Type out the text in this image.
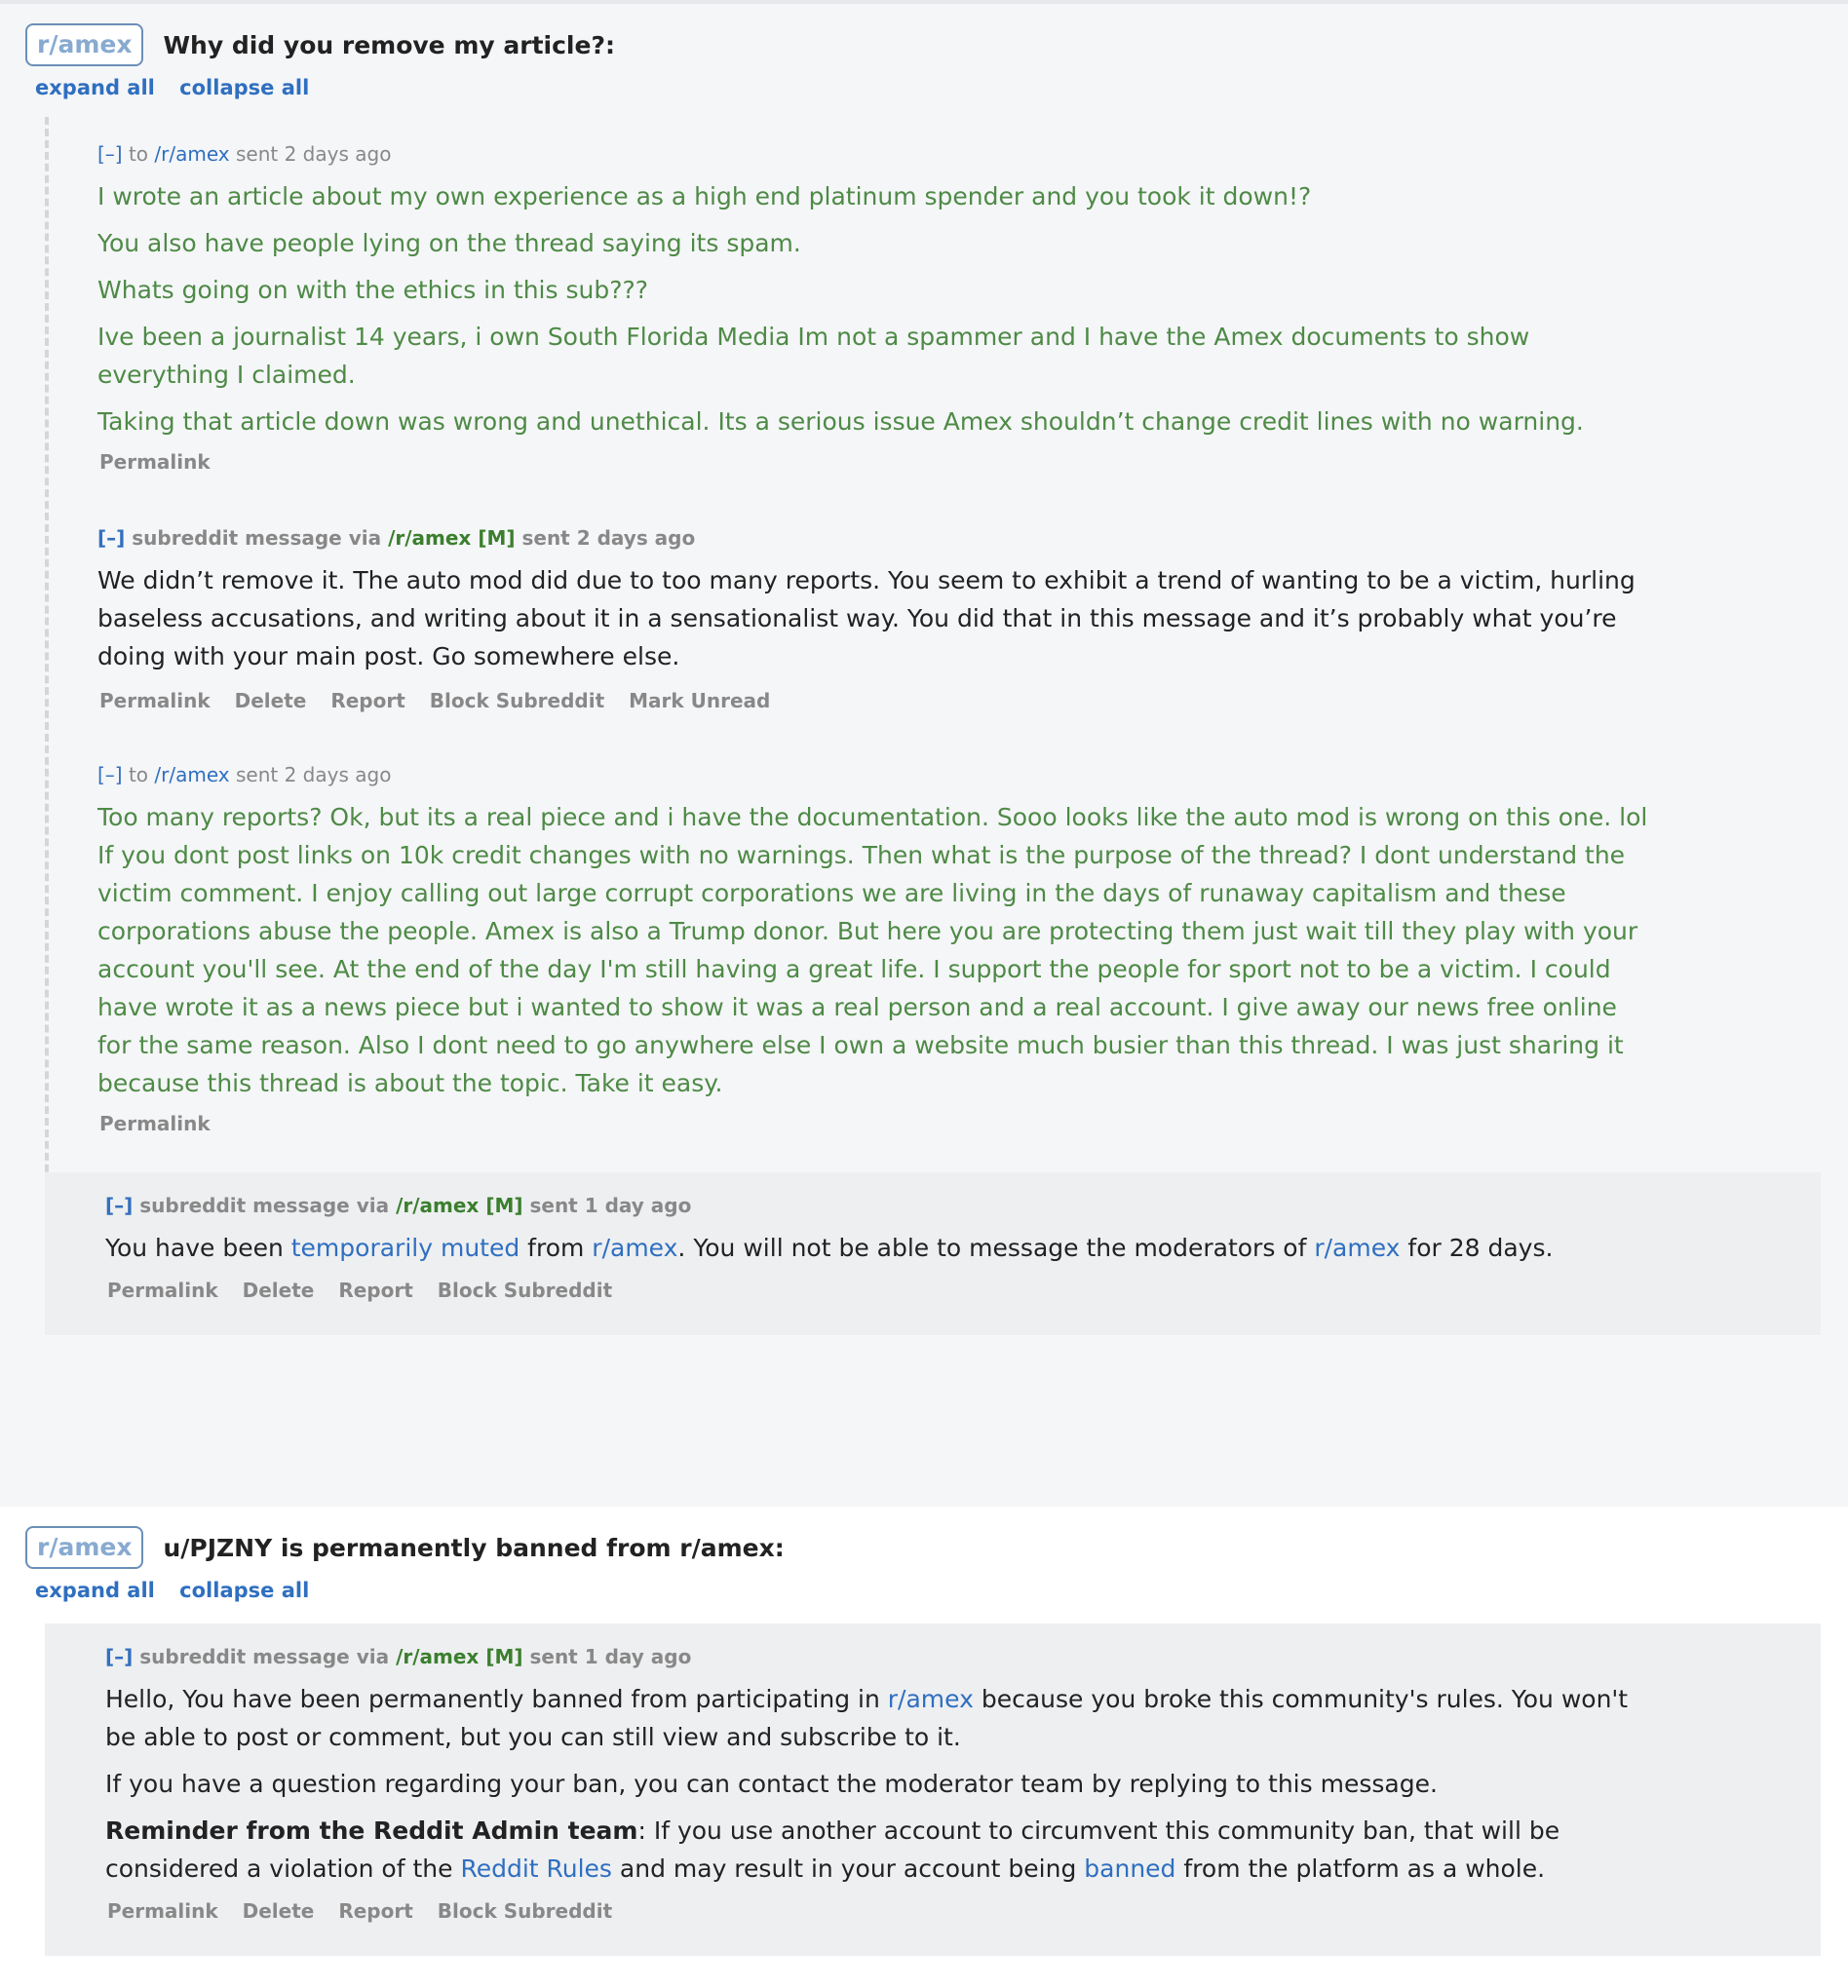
r/amex	Why did you remove my article?:
expand all collapse all
[–] to /r/amex sent 2 days ago

I wrote an article about my own experience as a high end platinum spender and you took it down!?

You also have people lying on the thread saying its spam.

Whats going on with the ethics in this sub???

Ive been a journalist 14 years, i own South Florida Media Im not a spammer and I have the Amex documents to show everything I claimed.

Taking that article down was wrong and unethical. Its a serious issue Amex shouldn’t change credit lines with no warning.

Permalink
[–] subreddit message via /r/amex [M] sent 2 days ago

We didn’t remove it. The auto mod did due to too many reports. You seem to exhibit a trend of wanting to be a victim, hurling baseless accusations, and writing about it in a sensationalist way. You did that in this message and it’s probably what you’re doing with your main post. Go somewhere else.

Permalink Delete Report Block Subreddit Mark Unread
[–] to /r/amex sent 2 days ago

Too many reports? Ok, but its a real piece and i have the documentation. Sooo looks like the auto mod is wrong on this one. lol If you dont post links on 10k credit changes with no warnings. Then what is the purpose of the thread? I dont understand the victim comment. I enjoy calling out large corrupt corporations we are living in the days of runaway capitalism and these corporations abuse the people. Amex is also a Trump donor. But here you are protecting them just wait till they play with your account you'll see. At the end of the day I'm still having a great life. I support the people for sport not to be a victim. I could have wrote it as a news piece but i wanted to show it was a real person and a real account. I give away our news free online for the same reason. Also I dont need to go anywhere else I own a website much busier than this thread. I was just sharing it because this thread is about the topic. Take it easy.

Permalink
[–] subreddit message via /r/amex [M] sent 1 day ago

You have been temporarily muted from r/amex. You will not be able to message the moderators of r/amex for 28 days.

Permalink Delete Report Block Subreddit
r/amex	u/PJZNY is permanently banned from r/amex:
expand all collapse all
[–] subreddit message via /r/amex [M] sent 1 day ago

Hello, You have been permanently banned from participating in r/amex because you broke this community's rules. You won't be able to post or comment, but you can still view and subscribe to it.

If you have a question regarding your ban, you can contact the moderator team by replying to this message.

Reminder from the Reddit Admin team: If you use another account to circumvent this community ban, that will be considered a violation of the Reddit Rules and may result in your account being banned from the platform as a whole.

Permalink Delete Report Block Subreddit
